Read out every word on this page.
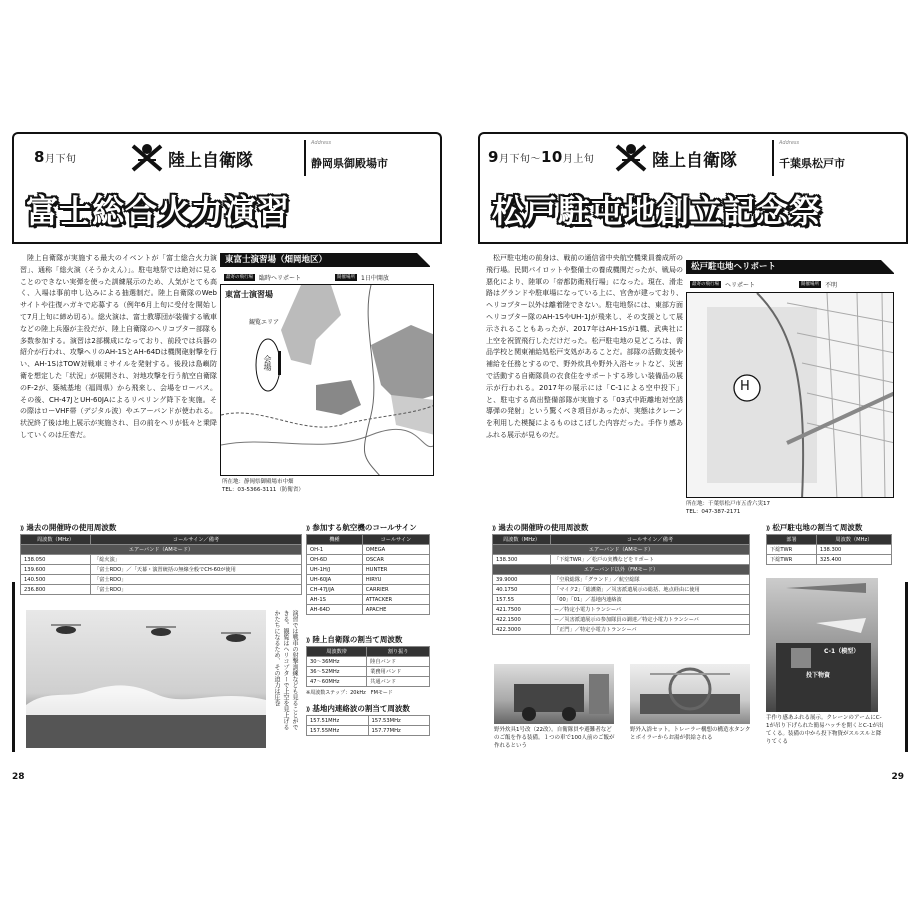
8月下旬	陸上自衛隊
Address
静岡県御殿場市
富士総合火力演習

陸上自衛隊が実施する最大のイベントが「富士総合火力演習」、通称「総火演（そうかえん）」。駐屯地祭では絶対に見ることのできない実弾を使った訓練展示のため、人気がとても高く、入場は事前申し込みによる抽選制だ。陸上自衛隊のWebサイトや往復ハガキで応募する（例年6月上旬に受付を開始して7月上旬に締め切る）。総火演は、富士教導団が装備する戦車などの陸上兵器が主役だが、陸上自衛隊のヘリコプター部隊も多数参加する。演習は2部構成になっており、前段では兵器の紹介が行われ、攻撃ヘリのAH-1SとAH-64Dは機関砲射撃を行い、AH-1SはTOW対戦車ミサイルを発射する。後段は島嶼防衛を想定した「状況」が展開され、対地攻撃を行う航空自衛隊のF-2が、築城基地（福岡県）から飛来し、会場をローパス。その後、CH-47JとUH-60JAによるリペリング降下を実施。その際はローVHF帯（デジタル波）やエアーバンドが使われる。状況終了後は地上展示が実施され、目の前をヘリが低々と乗降していくのは圧巻だ。

東富士演習場（畑岡地区）
最寄の飛行場	臨時ヘリポート	開催場所	1日中開放
東富士演習場
観覧エリア
会場
所在地：静岡県御殿場市中畑
TEL：03-5366-3111（防衛省）
⟫ 過去の開催時の使用周波数
周波数（MHz）	コールサイン／備考
エアーバンド（AMモード）	
138.050	「総火演」
139.600	「富士RDO」／「天幕・演習統括の無線全般でCH-60が使用
140.500	「富士RDO」
236.800	「富士RDO」
演習では戦車の射撃訓練なども見ることができる。観覧はヘリコプターで上空を見上げるかたちになるため、その迫力は圧巻
⟫ 参加する航空機のコールサイン
機種	コールサイン
OH-1	OMEGA
OH-6D	OSCAR
UH-1H/J	HUNTER
UH-60JA	HIRYU
CH-47J/JA	CARRIER
AH-1S	ATTACKER
AH-64D	APACHE
⟫ 陸上自衛隊の割当て周波数
周波数帯	割り振り
30〜36MHz	陸自バンド
36〜52MHz	業務用バンド
47〜60MHz	共通バンド
※周波数ステップ：20kHz　FMモード
⟫ 基地内連絡波の割当て周波数
157.51MHz	157.53MHz
157.55MHz	157.77MHz
28
9月下旬〜10月上旬	陸上自衛隊
Address
千葉県松戸市
松戸駐屯地創立記念祭

松戸駐屯地の前身は、戦前の通信省中央航空機乗員養成所の飛行場。民間パイロットや整備士の養成機関だったが、戦局の悪化により、陸軍の「帝都防衛飛行場」になった。現在、滑走路はグランドや駐車場になっている上に、官舎が建っており、ヘリコプター以外は離着陸できない。駐屯地祭には、東部方面ヘリコプター隊のAH-1SやUH-1Jが飛来し、その支援として展示されることもあったが、2017年はAH-1Sが1機、武典社に上空を祝賀飛行しただけだった。松戸駐屯地の見どころは、需品学校と関東補給処松戸支処があることだ。部隊の活動支援や補給を任務とするので、野外炊具や野外入浴セットなど、災害で活動する自衛隊員の衣食住をサポートする珍しい装備品の展示が行われる。2017年の展示には「C-1による空中投下」と、駐屯する高出整備部隊が実施する「03式中距離地対空誘導弾の発射」という驚くべき項目があったが、実態はクレーンを利用した模擬によるものはこぼした内容だった。手作り感あふれる展示が見ものだ。

松戸駐屯地ヘリポート
最寄の飛行場	ヘリポート	開催場所	不明
H
所在地：千葉県松戸市五香六実17
TEL：047-387-2171
⟫ 過去の開催時の使用周波数
周波数（MHz）	コールサイン／備考
エアーバンド（AMモード）	
138.300	「下総TWR」／松戸の実機などをリポート
エアーバンド以外（FMモード）	
39.9000	「空飛総隊」「グランド」／航空総隊
40.1750	「マイク2」「総護衛」／災害派遣展示の総括、地点経由に使用
157.55	「00」「01」／基地内連絡波
421.7500	ー／特定小電力トランシーバ
422.1500	ー／災害派遣展示の参加隊員の調達／特定小電力トランシーバ
422.3000	「正門」／特定小電力トランシーバ
野外炊具1号改（22改）。自衛隊員や避難者などのご飯を作る装備。１つの車で100人前のご飯が作れるという
野外入浴セット。トレーラー構想の構造水タンクとボイラーからお湯が供給される
⟫ 松戸駐屯地の割当て周波数
部署	周波数（MHz）
下総TWR	138.300
下総TWR	325.400
C-1（模型）
投下物資
手作り感あふれる展示。クレーンのアームにC-1が吊り下げられた簡易ハッチを開くとC-1が出てくる。装備の中から投下物資がスルスルと降りてくる
29
